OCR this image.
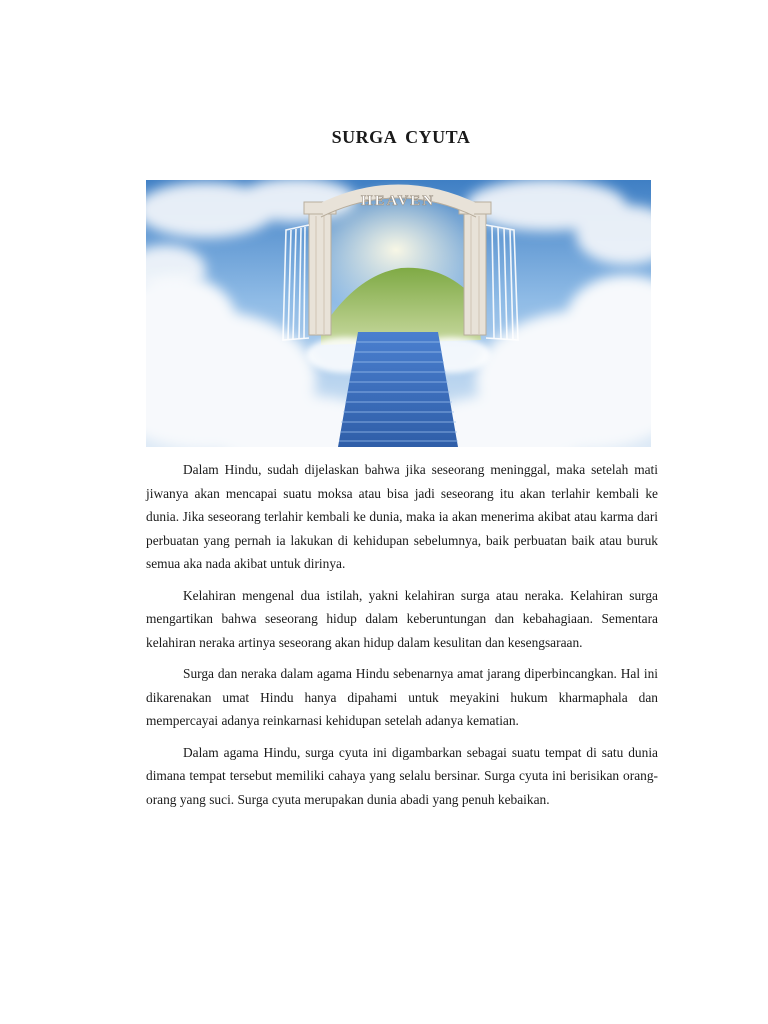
SURGA CYUTA
HEAVEN

Dalam Hindu, sudah dijelaskan bahwa jika seseorang meninggal, maka setelah mati jiwanya akan mencapai suatu moksa atau bisa jadi seseorang itu akan terlahir kembali ke dunia. Jika seseorang terlahir kembali ke dunia, maka ia akan menerima akibat atau karma dari perbuatan yang pernah ia lakukan di kehidupan sebelumnya, baik perbuatan baik atau buruk semua aka nada akibat untuk dirinya.

Kelahiran mengenal dua istilah, yakni kelahiran surga atau neraka. Kelahiran surga mengartikan bahwa seseorang hidup dalam keberuntungan dan kebahagiaan. Sementara kelahiran neraka artinya seseorang akan hidup dalam kesulitan dan kesengsaraan.

Surga dan neraka dalam agama Hindu sebenarnya amat jarang diperbincangkan. Hal ini dikarenakan umat Hindu hanya dipahami untuk meyakini hukum kharmaphala dan mempercayai adanya reinkarnasi kehidupan setelah adanya kematian.

Dalam agama Hindu, surga cyuta ini digambarkan sebagai suatu tempat di satu dunia dimana tempat tersebut memiliki cahaya yang selalu bersinar. Surga cyuta ini berisikan orang-orang yang suci. Surga cyuta merupakan dunia abadi yang penuh kebaikan.
